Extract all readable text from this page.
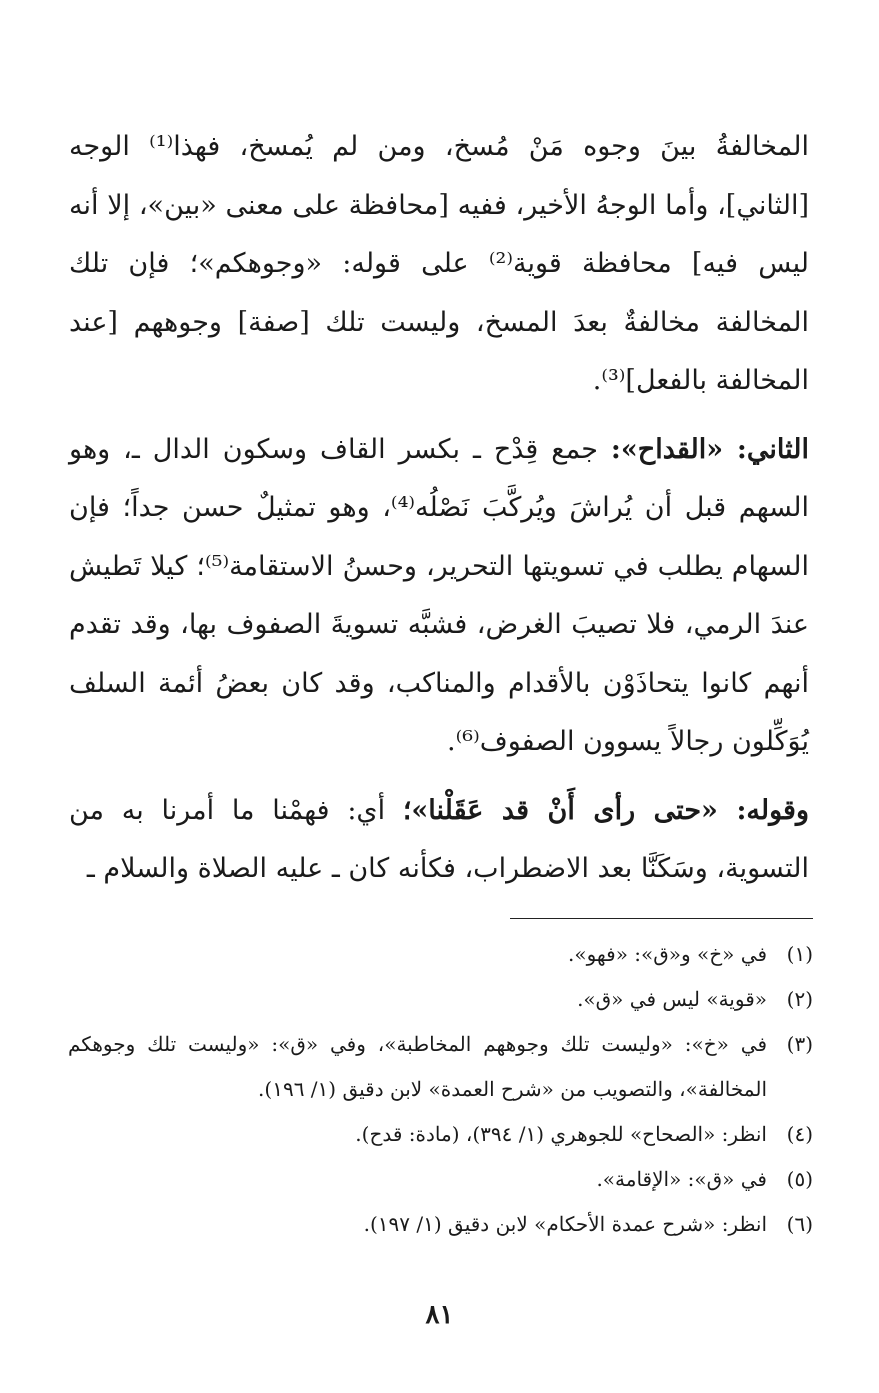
المخالفةُ بينَ وجوه مَنْ مُسخ، ومن لم يُمسخ، فهذا⁽¹⁾ الوجه [الثاني]، وأما الوجهُ الأخير، ففيه [محافظة على معنى «بين»، إلا أنه ليس فيه] محافظة قوية⁽²⁾ على قوله: «وجوهكم»؛ فإن تلك المخالفة مخالفةٌ بعدَ المسخ، وليست تلك [صفة] وجوههم [عند المخالفة بالفعل]⁽³⁾.

الثاني: «القداح»: جمع قِدْح ـ بكسر القاف وسكون الدال ـ، وهو السهم قبل أن يُراشَ ويُركَّبَ نَصْلُه⁽⁴⁾، وهو تمثيلٌ حسن جداً؛ فإن السهام يطلب في تسويتها التحرير، وحسنُ الاستقامة⁽⁵⁾؛ كيلا تَطيش عندَ الرمي، فلا تصيبَ الغرض، فشبَّه تسويةَ الصفوف بها، وقد تقدم أنهم كانوا يتحاذَوْن بالأقدام والمناكب، وقد كان بعضُ أئمة السلف يُوَكِّلون رجالاً يسوون الصفوف⁽⁶⁾.

وقوله: «حتى رأى أَنْ قد عَقَلْنا»؛ أي: فهمْنا ما أمرنا به من التسوية، وسَكَنَّا بعد الاضطراب، فكأنه كان ـ عليه الصلاة والسلام ـ

(١)
في «خ» و«ق»: «فهو».
(٢)
«قوية» ليس في «ق».
(٣)
في «خ»: «وليست تلك وجوههم المخاطبة»، وفي «ق»: «وليست تلك وجوهكم المخالفة»، والتصويب من «شرح العمدة» لابن دقيق (١/ ١٩٦).
(٤)
انظر: «الصحاح» للجوهري (١/ ٣٩٤)، (مادة: قدح).
(٥)
في «ق»: «الإقامة».
(٦)
انظر: «شرح عمدة الأحكام» لابن دقيق (١/ ١٩٧).
٨١
